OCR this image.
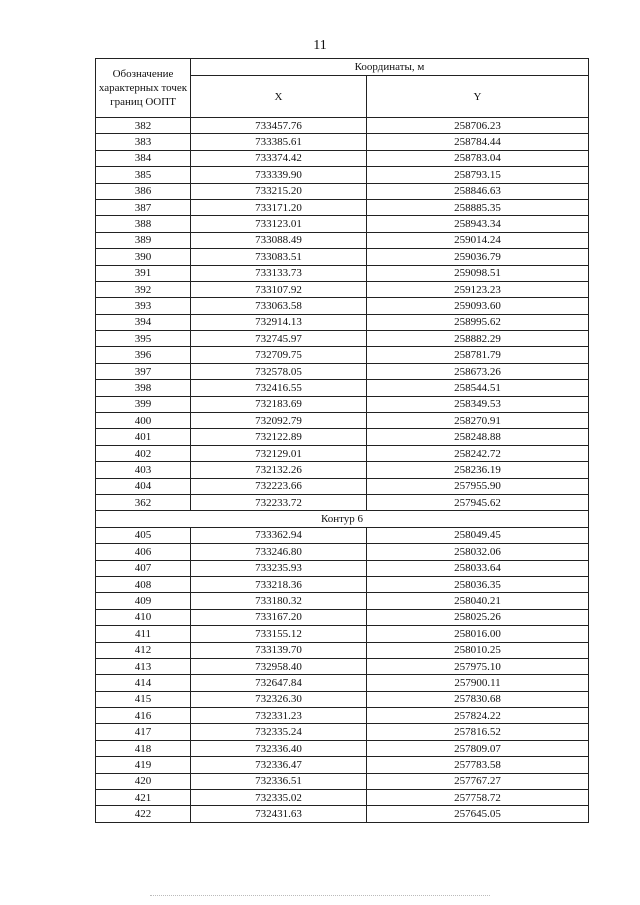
11
Обозначение характерных точек границ ООПТ	Координаты, м	
	X	Y
382	733457.76	258706.23
383	733385.61	258784.44
384	733374.42	258783.04
385	733339.90	258793.15
386	733215.20	258846.63
387	733171.20	258885.35
388	733123.01	258943.34
389	733088.49	259014.24
390	733083.51	259036.79
391	733133.73	259098.51
392	733107.92	259123.23
393	733063.58	259093.60
394	732914.13	258995.62
395	732745.97	258882.29
396	732709.75	258781.79
397	732578.05	258673.26
398	732416.55	258544.51
399	732183.69	258349.53
400	732092.79	258270.91
401	732122.89	258248.88
402	732129.01	258242.72
403	732132.26	258236.19
404	732223.66	257955.90
362	732233.72	257945.62
Контур 6		
405	733362.94	258049.45
406	733246.80	258032.06
407	733235.93	258033.64
408	733218.36	258036.35
409	733180.32	258040.21
410	733167.20	258025.26
411	733155.12	258016.00
412	733139.70	258010.25
413	732958.40	257975.10
414	732647.84	257900.11
415	732326.30	257830.68
416	732331.23	257824.22
417	732335.24	257816.52
418	732336.40	257809.07
419	732336.47	257783.58
420	732336.51	257767.27
421	732335.02	257758.72
422	732431.63	257645.05
